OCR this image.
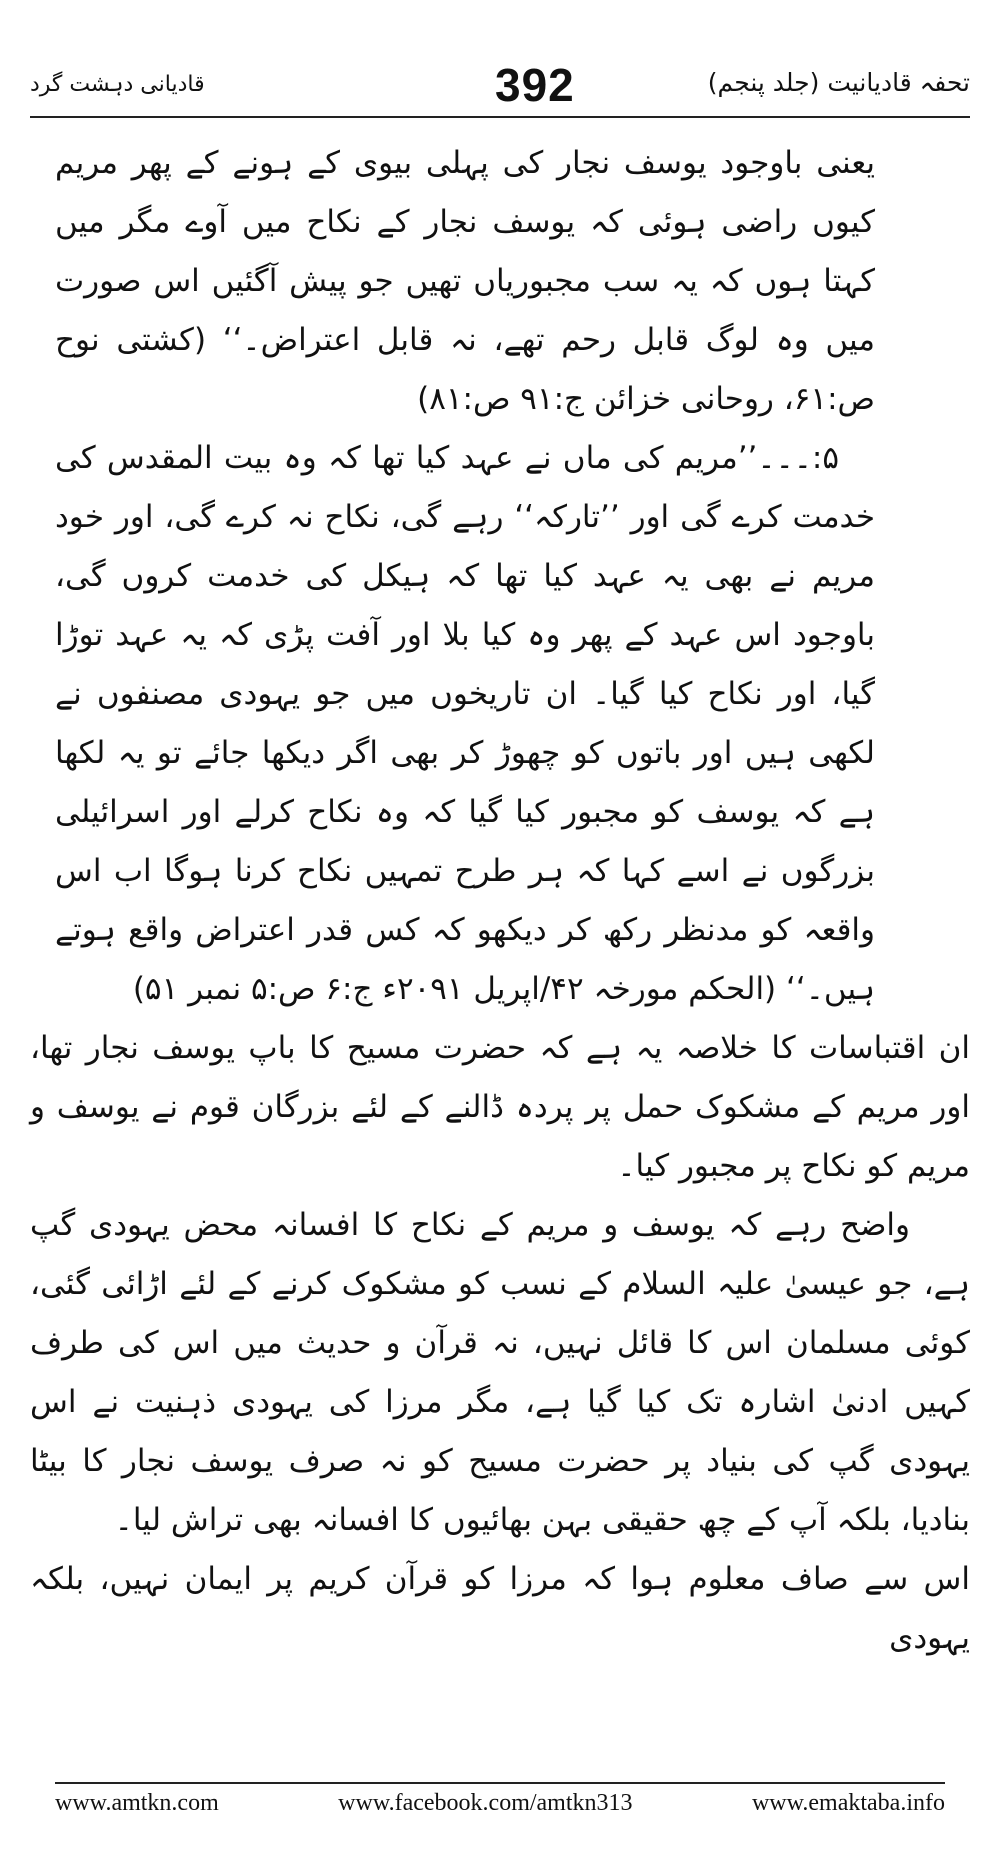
تحفہ قادیانیت (جلد پنجم)
392
قادیانی دہشت گرد

یعنی باوجود یوسف نجار کی پہلی بیوی کے ہونے کے پھر مریم کیوں راضی ہوئی کہ یوسف نجار کے نکاح میں آوے مگر میں کہتا ہوں کہ یہ سب مجبوریاں تھیں جو پیش آگئیں اس صورت میں وہ لوگ قابل رحم تھے، نہ قابل اعتراض۔‘‘ (کشتی نوح ص:۶۱، روحانی خزائن ج:۹۱ ص:۸۱)

۵:۔۔۔’’مریم کی ماں نے عہد کیا تھا کہ وہ بیت المقدس کی خدمت کرے گی اور ’’تارکہ‘‘ رہے گی، نکاح نہ کرے گی، اور خود مریم نے بھی یہ عہد کیا تھا کہ ہیکل کی خدمت کروں گی، باوجود اس عہد کے پھر وہ کیا بلا اور آفت پڑی کہ یہ عہد توڑا گیا، اور نکاح کیا گیا۔ ان تاریخوں میں جو یہودی مصنفوں نے لکھی ہیں اور باتوں کو چھوڑ کر بھی اگر دیکھا جائے تو یہ لکھا ہے کہ یوسف کو مجبور کیا گیا کہ وہ نکاح کرلے اور اسرائیلی بزرگوں نے اسے کہا کہ ہر طرح تمہیں نکاح کرنا ہوگا اب اس واقعہ کو مدنظر رکھ کر دیکھو کہ کس قدر اعتراض واقع ہوتے ہیں۔‘‘ (الحکم مورخہ ۴۲/اپریل ۲۰۹۱ء ج:۶ ص:۵ نمبر ۵۱)

ان اقتباسات کا خلاصہ یہ ہے کہ حضرت مسیح کا باپ یوسف نجار تھا، اور مریم کے مشکوک حمل پر پردہ ڈالنے کے لئے بزرگان قوم نے یوسف و مریم کو نکاح پر مجبور کیا۔

واضح رہے کہ یوسف و مریم کے نکاح کا افسانہ محض یہودی گپ ہے، جو عیسیٰ علیہ السلام کے نسب کو مشکوک کرنے کے لئے اڑائی گئی، کوئی مسلمان اس کا قائل نہیں، نہ قرآن و حدیث میں اس کی طرف کہیں ادنیٰ اشارہ تک کیا گیا ہے، مگر مرزا کی یہودی ذہنیت نے اس یہودی گپ کی بنیاد پر حضرت مسیح کو نہ صرف یوسف نجار کا بیٹا بنادیا، بلکہ آپ کے چھ حقیقی بہن بھائیوں کا افسانہ بھی تراش لیا۔

اس سے صاف معلوم ہوا کہ مرزا کو قرآن کریم پر ایمان نہیں، بلکہ یہودی

www.amtkn.com	www.facebook.com/amtkn313	www.emaktaba.info
